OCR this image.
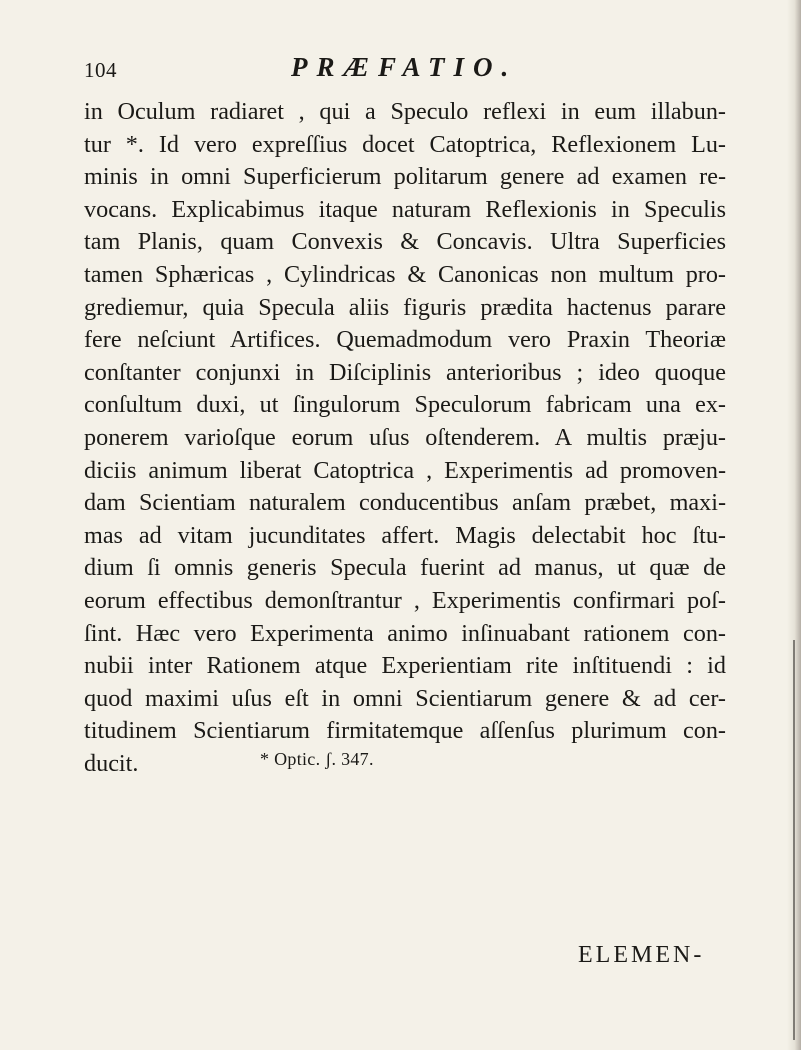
104	PRÆFATIO.
in Oculum radiaret , qui a Speculo reflexi in eum illabun-
tur *. Id vero expreſſius docet Catoptrica, Reflexionem Lu-
minis in omni Superficierum politarum genere ad examen re-
vocans. Explicabimus itaque naturam Reflexionis in Speculis
tam Planis, quam Convexis & Concavis. Ultra Superficies
tamen Sphæricas , Cylindricas & Canonicas non multum pro-
grediemur, quia Specula aliis figuris prædita hactenus parare
fere neſciunt Artifices. Quemadmodum vero Praxin Theoriæ
conſtanter conjunxi in Diſciplinis anterioribus ; ideo quoque
conſultum duxi, ut ſingulorum Speculorum fabricam una ex-
ponerem varioſque eorum uſus oſtenderem. A multis præju-
diciis animum liberat Catoptrica , Experimentis ad promoven-
dam Scientiam naturalem conducentibus anſam præbet, maxi-
mas ad vitam jucunditates affert. Magis delectabit hoc ſtu-
dium ſi omnis generis Specula fuerint ad manus, ut quæ de
eorum effectibus demonſtrantur , Experimentis confirmari poſ-
ſint. Hæc vero Experimenta animo inſinuabant rationem con-
nubii inter Rationem atque Experientiam rite inſtituendi : id
quod maximi uſus eſt in omni Scientiarum genere & ad cer-
titudinem Scientiarum firmitatemque aſſenſus plurimum con-
ducit.	* Optic. ʃ. 347.
ELEMEN-
